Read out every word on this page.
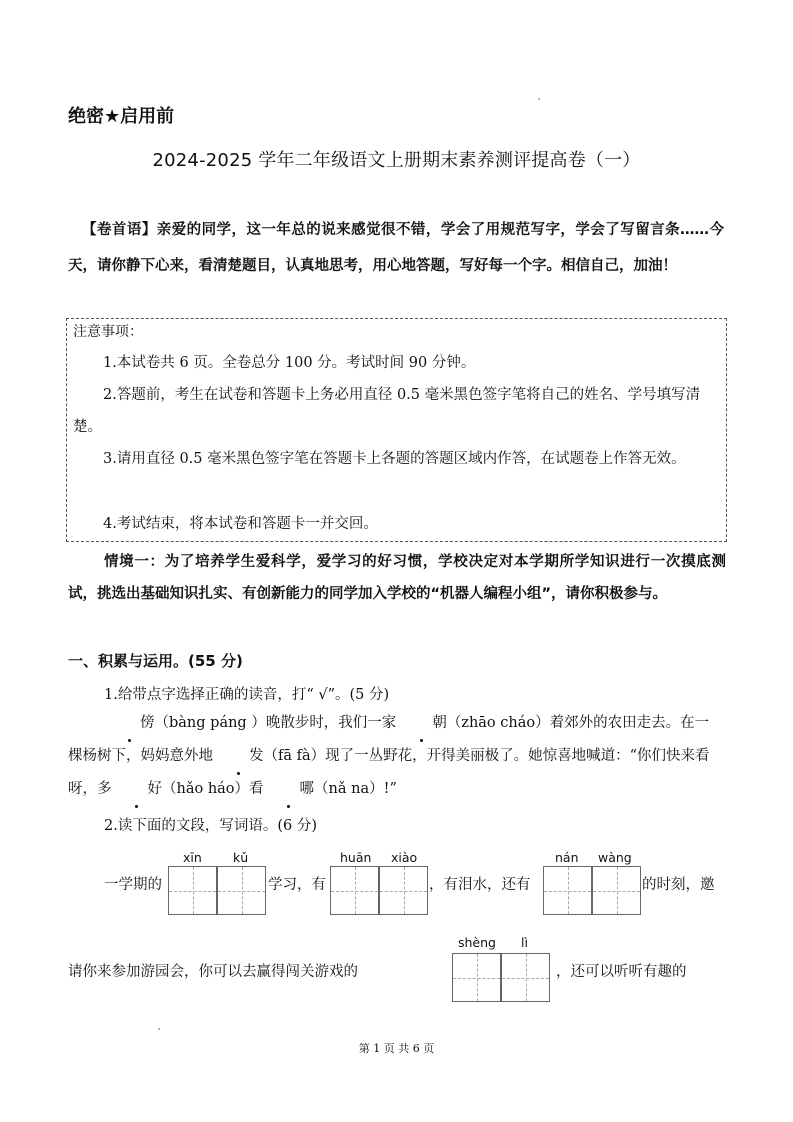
绝密★启用前
2024-2025 学年二年级语文上册期末素养测评提高卷（一）
【卷首语】亲爱的同学，这一年总的说来感觉很不错，学会了用规范写字，学会了写留言条……今天，请你静下心来，看清楚题目，认真地思考，用心地答题，写好每一个字。相信自己，加油！
注意事项：
1.本试卷共 6 页。全卷总分 100 分。考试时间 90 分钟。
2.答题前，考生在试卷和答题卡上务必用直径 0.5 毫米黑色签字笔将自己的姓名、学号填写清楚。
3.请用直径 0.5 毫米黑色签字笔在答题卡上各题的答题区域内作答，在试题卷上作答无效。
4.考试结束，将本试卷和答题卡一并交回。
情境一：为了培养学生爱科学，爱学习的好习惯，学校决定对本学期所学知识进行一次摸底测试，挑选出基础知识扎实、有创新能力的同学加入学校的“机器人编程小组”，请你积极参与。
一、积累与运用。(55 分)
1.给带点字选择正确的读音，打“ √”。(5 分)
傍（bàng páng ）晚散步时，我们一家 朝（zhāo cháo）着郊外的农田走去。在一棵杨树下，妈妈意外地 发（fā fà）现了一丛野花，开得美丽极了。她惊喜地喊道：“你们快来看呀，多 好（hǎo háo）看 哪（nǎ na）!”
2.读下面的文段，写词语。(6 分)
xīn kǔ	huān xiào	nán wàng
一学期的	学习，有	，有泪水，还有	的时刻，邀
shèng lì
请你来参加游园会，你可以去赢得闯关游戏的	，还可以听听有趣的
第 1 页 共 6 页
